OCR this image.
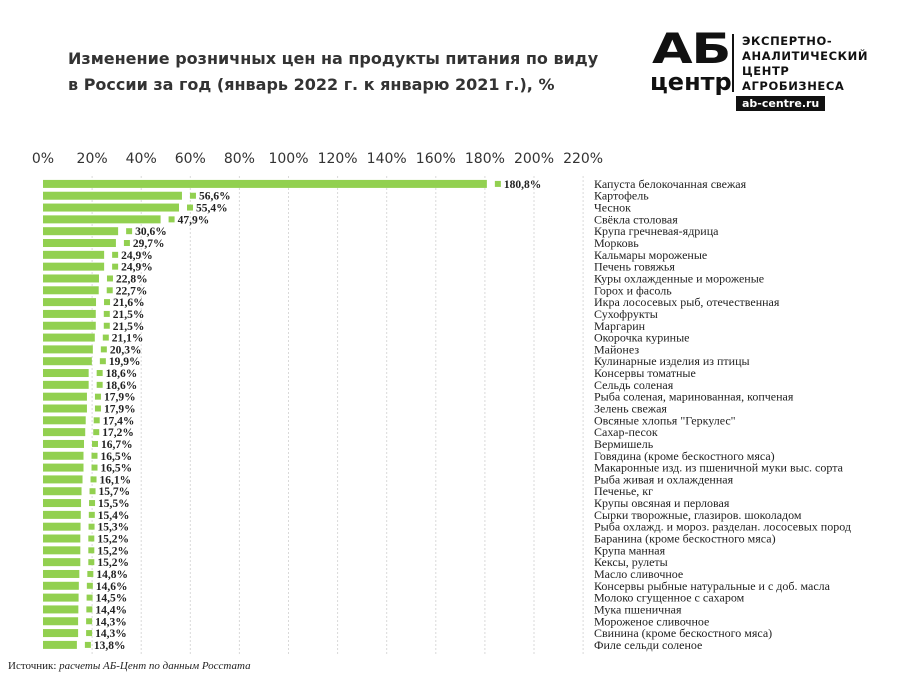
Изменение розничных цен на продукты питания по виду
в России за год (январь 2022 г. к январю 2021 г.), %
АБ
центр
ЭКСПЕРТНО-
АНАЛИТИЧЕСКИЙ
ЦЕНТР
АГРОБИЗНЕСА
ab-centre.ru
0% 20% 40% 60% 80% 100% 120% 140% 160% 180% 200% 220%
180,8%
56,6%
55,4%
47,9%
30,6%
29,7%
24,9%
24,9%
22,8%
22,7%
21,6%
21,5%
21,5%
21,1%
20,3%
19,9%
18,6%
18,6%
17,9%
17,9%
17,4%
17,2%
16,7%
16,5%
16,5%
16,1%
15,7%
15,5%
15,4%
15,3%
15,2%
15,2%
15,2%
14,8%
14,6%
14,5%
14,4%
14,3%
14,3%
13,8%
Капуста белокочанная свежая
Картофель
Чеснок
Свёкла столовая
Крупа гречневая-ядрица
Морковь
Кальмары мороженые
Печень говяжья
Куры охлажденные и мороженые
Горох и фасоль
Икра лососевых рыб, отечественная
Сухофрукты
Маргарин
Окорочка куриные
Майонез
Кулинарные изделия из птицы
Консервы томатные
Сельдь соленая
Рыба соленая, маринованная, копченая
Зелень свежая
Овсяные хлопья "Геркулес"
Сахар-песок
Вермишель
Говядина (кроме бескостного мяса)
Макаронные изд. из пшеничной муки выс. сорта
Рыба живая и охлажденная
Печенье, кг
Крупы овсяная и перловая
Сырки творожные, глазиров. шоколадом
Рыба охлажд. и мороз. разделан. лососевых пород
Баранина (кроме бескостного мяса)
Крупа манная
Кексы, рулеты
Масло сливочное
Консервы рыбные натуральные и с доб. масла
Молоко сгущенное с сахаром
Мука пшеничная
Мороженое сливочное
Свинина (кроме бескостного мяса)
Филе сельди соленое
Источник: расчеты АБ-Цент по данным Росстата
